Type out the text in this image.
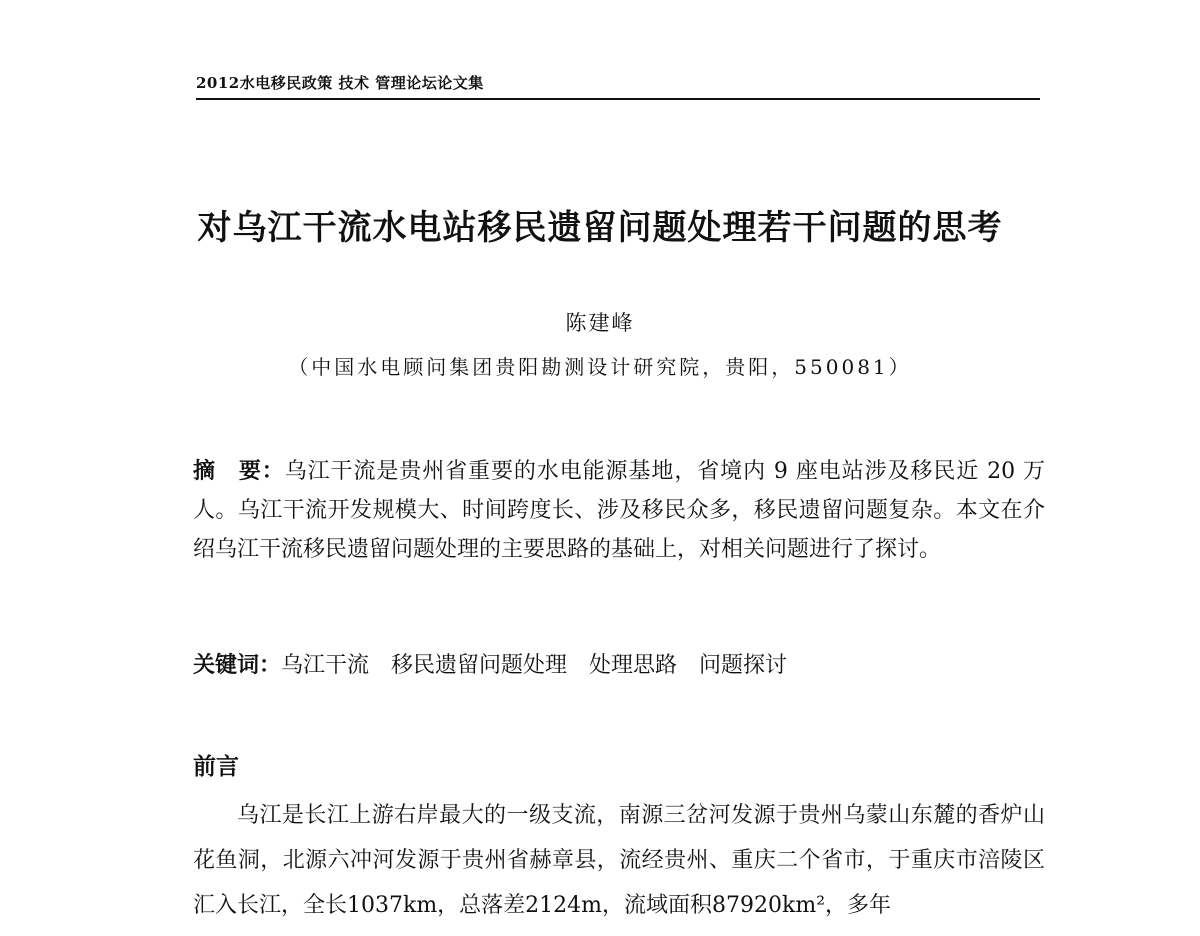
2012水电移民政策 技术 管理论坛论文集
对乌江干流水电站移民遗留问题处理若干问题的思考
陈建峰
（中国水电顾问集团贵阳勘测设计研究院，贵阳，550081）

摘　要：乌江干流是贵州省重要的水电能源基地，省境内 9 座电站涉及移民近 20 万人。乌江干流开发规模大、时间跨度长、涉及移民众多，移民遗留问题复杂。本文在介绍乌江干流移民遗留问题处理的主要思路的基础上，对相关问题进行了探讨。

关键词：乌江干流　移民遗留问题处理　处理思路　问题探讨

前言

乌江是长江上游右岸最大的一级支流，南源三岔河发源于贵州乌蒙山东麓的香炉山花鱼洞，北源六冲河发源于贵州省赫章县，流经贵州、重庆二个省市，于重庆市涪陵区汇入长江，全长1037km，总落差2124m，流域面积87920km²，多年
